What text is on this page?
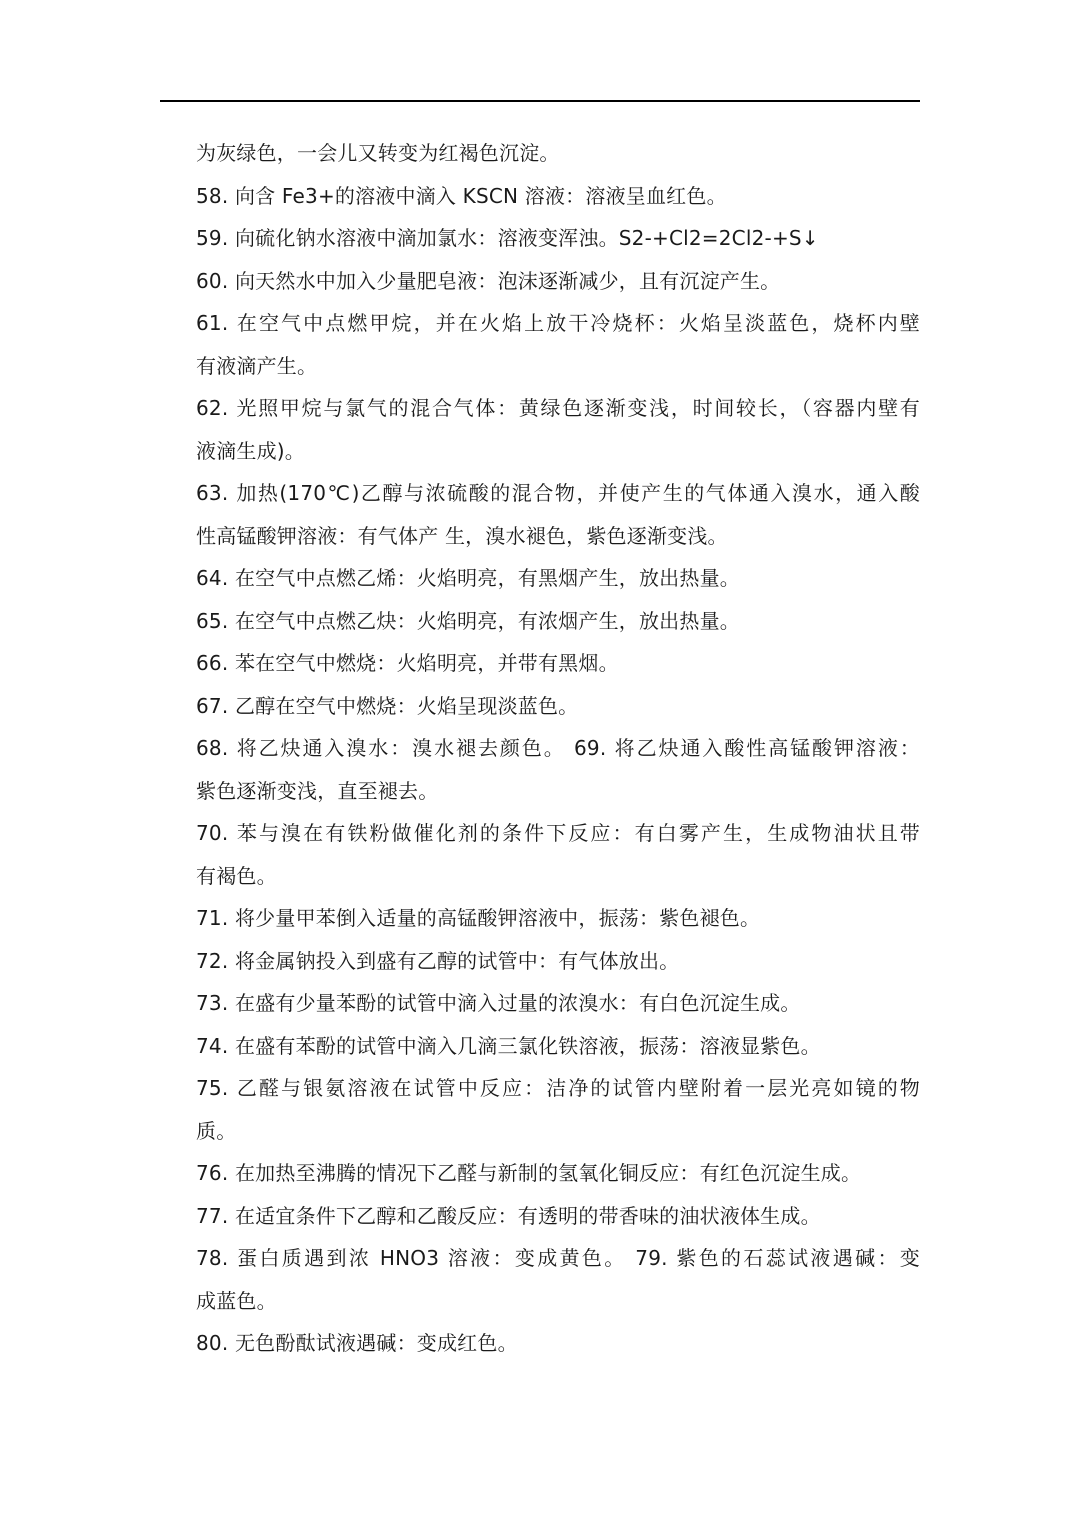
为灰绿色，一会儿又转变为红褐色沉淀。
58. 向含 Fe3+的溶液中滴入 KSCN 溶液：溶液呈血红色。
59. 向硫化钠水溶液中滴加氯水：溶液变浑浊。S2-+Cl2=2Cl2-+S↓
60. 向天然水中加入少量肥皂液：泡沫逐渐减少，且有沉淀产生。
61. 在空气中点燃甲烷，并在火焰上放干冷烧杯：火焰呈淡蓝色，烧杯内壁
有液滴产生。
62. 光照甲烷与氯气的混合气体：黄绿色逐渐变浅，时间较长，（容器内壁有
液滴生成)。
63. 加热(170℃)乙醇与浓硫酸的混合物，并使产生的气体通入溴水，通入酸
性高锰酸钾溶液：有气体产 生，溴水褪色，紫色逐渐变浅。
64. 在空气中点燃乙烯：火焰明亮，有黑烟产生，放出热量。
65. 在空气中点燃乙炔：火焰明亮，有浓烟产生，放出热量。
66. 苯在空气中燃烧：火焰明亮，并带有黑烟。
67. 乙醇在空气中燃烧：火焰呈现淡蓝色。
68. 将乙炔通入溴水：溴水褪去颜色。 69. 将乙炔通入酸性高锰酸钾溶液：
紫色逐渐变浅，直至褪去。
70. 苯与溴在有铁粉做催化剂的条件下反应：有白雾产生，生成物油状且带
有褐色。
71. 将少量甲苯倒入适量的高锰酸钾溶液中，振荡：紫色褪色。
72. 将金属钠投入到盛有乙醇的试管中：有气体放出。
73. 在盛有少量苯酚的试管中滴入过量的浓溴水：有白色沉淀生成。
74. 在盛有苯酚的试管中滴入几滴三氯化铁溶液，振荡：溶液显紫色。
75. 乙醛与银氨溶液在试管中反应：洁净的试管内壁附着一层光亮如镜的物
质。
76. 在加热至沸腾的情况下乙醛与新制的氢氧化铜反应：有红色沉淀生成。
77. 在适宜条件下乙醇和乙酸反应：有透明的带香味的油状液体生成。
78. 蛋白质遇到浓 HNO3 溶液：变成黄色。 79. 紫色的石蕊试液遇碱：变
成蓝色。
80. 无色酚酞试液遇碱：变成红色。
